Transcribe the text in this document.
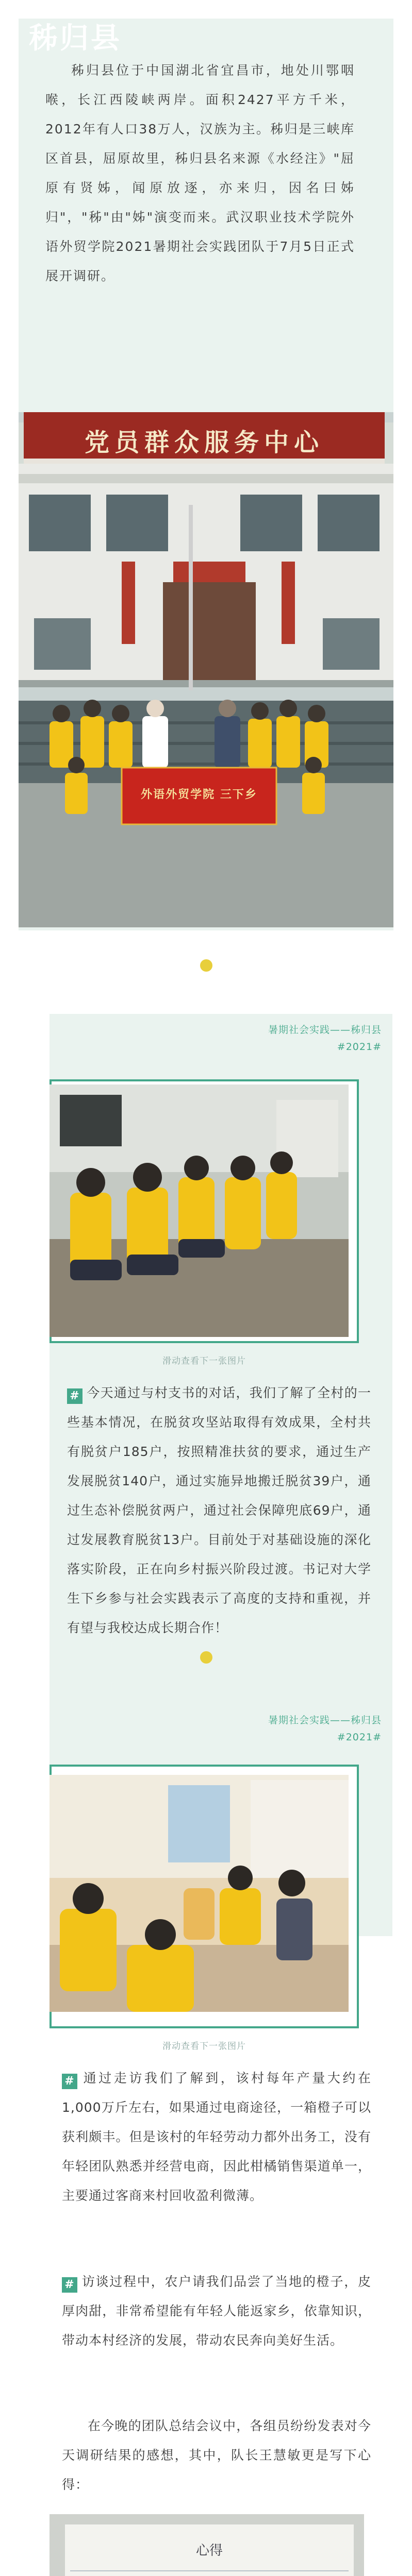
秭归县
秭归县位于中国湖北省宜昌市，地处川鄂咽喉，长江西陵峡两岸。面积2427平方千米，2012年有人口38万人，汉族为主。秭归是三峡库区首县，屈原故里，秭归县名来源《水经注》"屈原有贤姊，闻原放逐，亦来归，因名曰姊归"，"秭"由"姊"演变而来。武汉职业技术学院外语外贸学院2021暑期社会实践团队于7月5日正式展开调研。
党员群众服务中心
外语外贸学院 三下乡
暑期社会实践——秭归县
#2021#
滑动查看下一张图片
# 今天通过与村支书的对话，我们了解了全村的一些基本情况，在脱贫攻坚站取得有效成果，全村共有脱贫户185户，按照精准扶贫的要求，通过生产发展脱贫140户，通过实施异地搬迁脱贫39户，通过生态补偿脱贫两户，通过社会保障兜底69户，通过发展教育脱贫13户。目前处于对基础设施的深化落实阶段，正在向乡村振兴阶段过渡。书记对大学生下乡参与社会实践表示了高度的支持和重视，并有望与我校达成长期合作！
暑期社会实践——秭归县
#2021#
滑动查看下一张图片
# 通过走访我们了解到，该村每年产量大约在1,000万斤左右，如果通过电商途径，一箱橙子可以获利颇丰。但是该村的年轻劳动力都外出务工，没有年轻团队熟悉并经营电商，因此柑橘销售渠道单一，主要通过客商来村回收盈利微薄。
# 访谈过程中，农户请我们品尝了当地的橙子，皮厚肉甜，非常希望能有年轻人能返家乡，依靠知识，带动本村经济的发展，带动农民奔向美好生活。
在今晚的团队总结会议中，各组员纷纷发表对今天调研结果的感想，其中，队长王慧敏更是写下心得：
心得
